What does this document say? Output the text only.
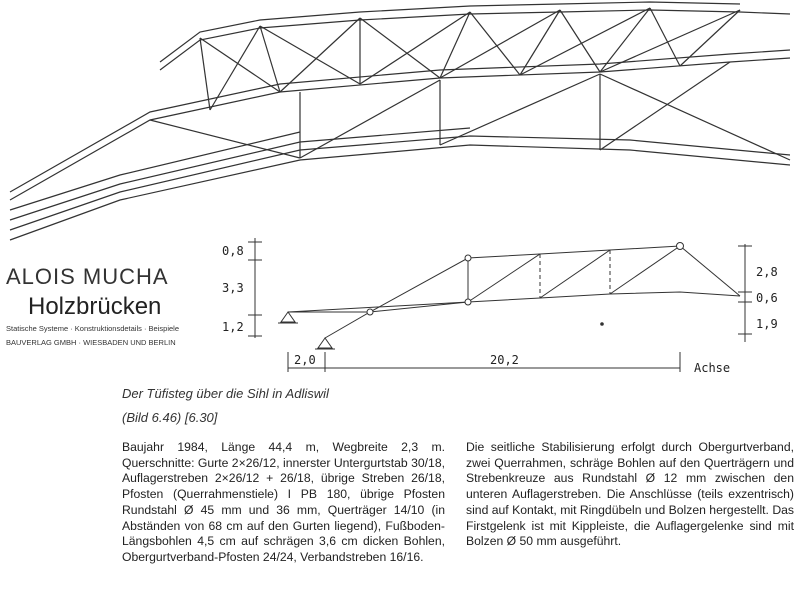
ALOIS MUCHA
Holzbrücken
Statische Systeme · Konstruktionsdetails · Beispiele
BAUVERLAG GMBH · WIESBADEN UND BERLIN
0,8
3,3
1,2
2,8
0,6
1,9
2,0	20,2
Achse
Der Tüfisteg über die Sihl in Adliswil
(Bild 6.46) [6.30]
Baujahr 1984, Länge 44,4 m, Wegbreite 2,3 m. Querschnitte: Gurte 2×26/12, innerster Untergurtstab 30/18, Auflagerstreben 2×26/12 + 26/18, übrige Streben 26/18, Pfosten (Querrahmenstiele) I PB 180, übrige Pfosten Rundstahl Ø 45 mm und 36 mm, Querträger 14/10 (in Abständen von 68 cm auf den Gurten liegend), Fußboden-Längsbohlen 4,5 cm auf schrägen 3,6 cm dicken Bohlen, Obergurtverband-Pfosten 24/24, Verbandstreben 16/16.
Die seitliche Stabilisierung erfolgt durch Obergurtverband, zwei Querrahmen, schräge Bohlen auf den Querträgern und Strebenkreuze aus Rundstahl Ø 12 mm zwischen den unteren Auflagerstreben. Die Anschlüsse (teils exzentrisch) sind auf Kontakt, mit Ringdübeln und Bolzen hergestellt. Das Firstgelenk ist mit Kippleiste, die Auflagergelenke sind mit Bolzen Ø 50 mm ausgeführt.
